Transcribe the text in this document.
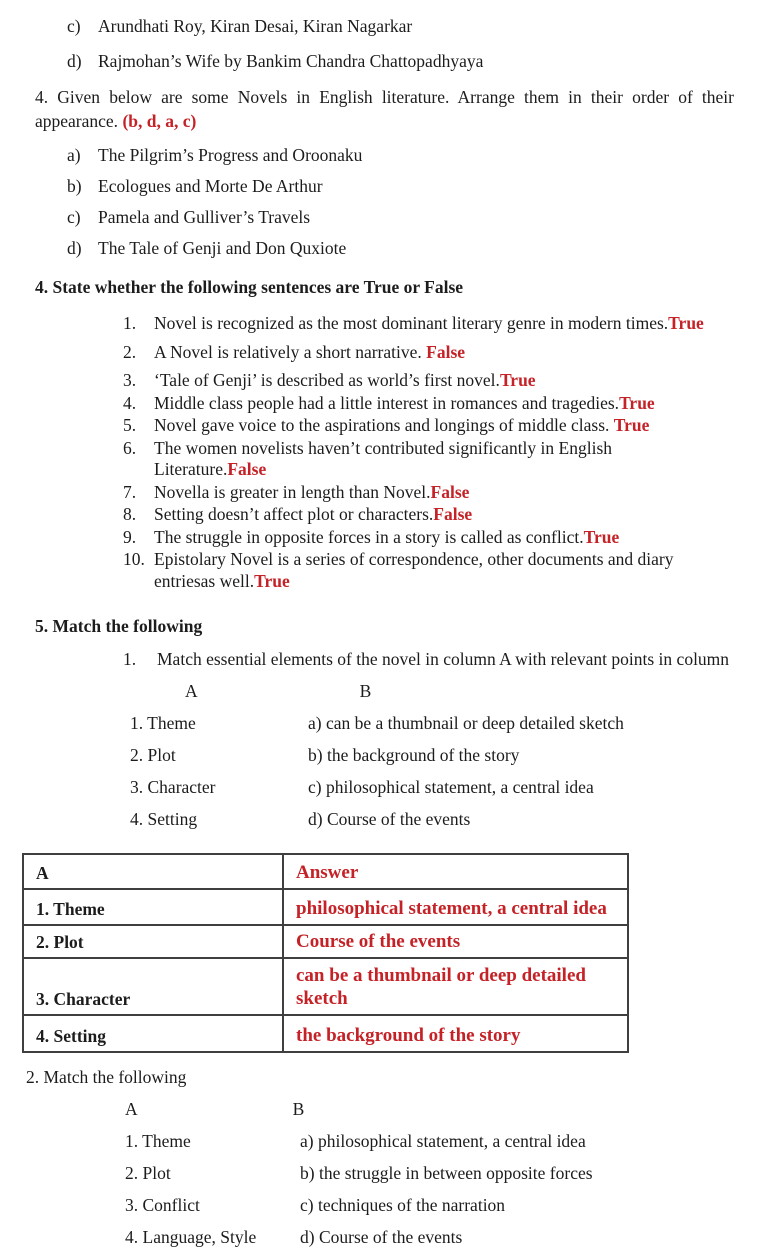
c) Arundhati Roy, Kiran Desai, Kiran Nagarkar
d) Rajmohan’s Wife by Bankim Chandra Chattopadhyaya

4. Given below are some Novels in English literature. Arrange them in their order of their appearance. (b, d, a, c)

a) The Pilgrim’s Progress and Oroonaku
b) Ecologues and Morte De Arthur
c) Pamela and Gulliver’s Travels
d) The Tale of Genji and Don Quxiote
4. State whether the following sentences are True or False
1.	Novel is recognized as the most dominant literary genre in modern times.True
2.	A Novel is relatively a short narrative. False
3.	‘Tale of Genji’ is described as world’s first novel.True
4.	Middle class people had a little interest in romances and tragedies.True
5.	Novel gave voice to the aspirations and longings of middle class. True
6.	The women novelists haven’t contributed significantly in English Literature.False
7.	Novella is greater in length than Novel.False
8.	Setting doesn’t affect plot or characters.False
9.	The struggle in opposite forces in a story is called as conflict.True
10. Epistolary Novel is a series of correspondence, other documents and diary entriesas well.True
5. Match the following
1.	Match essential elements of the novel in column A with relevant points in column
A	B
1. Theme	a) can be a thumbnail or deep detailed sketch
2. Plot	b) the background of the story
3. Character	c) philosophical statement, a central idea
4. Setting	d) Course of the events
A	Answer
1. Theme	philosophical statement, a central idea
2. Plot	Course of the events
3. Character	can be a thumbnail or deep detailed sketch
4. Setting	the background of the story
2. Match the following
A	B
1. Theme	a) philosophical statement, a central idea
2. Plot	b) the struggle in between opposite forces
3. Conflict	c) techniques of the narration
4. Language, Style	d) Course of the events
